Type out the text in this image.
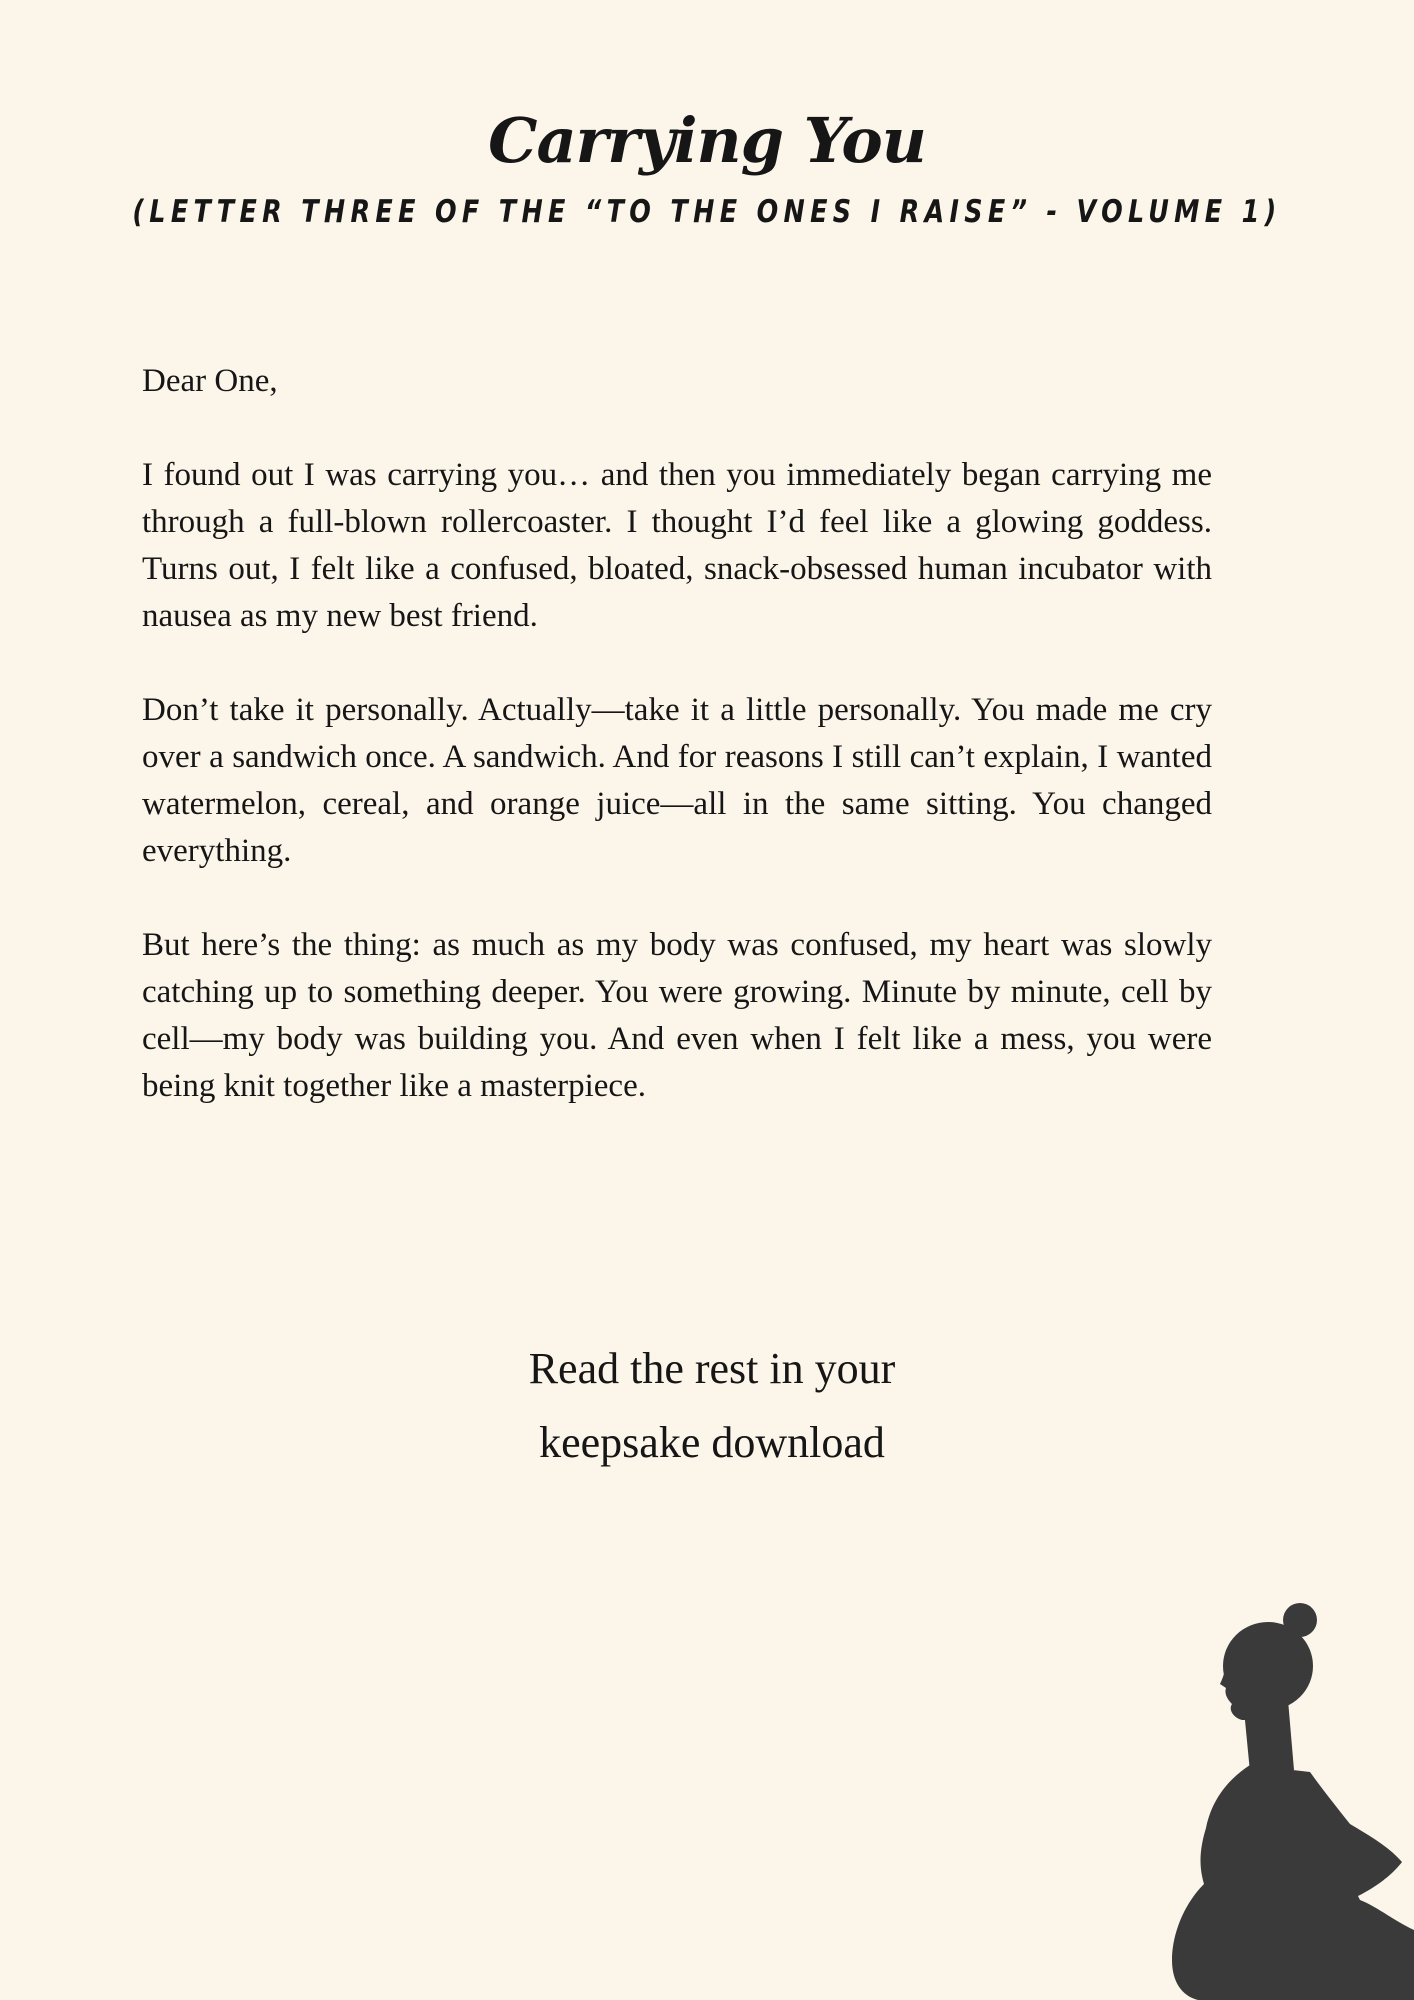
Carrying You
(LETTER THREE OF THE “TO THE ONES I RAISE” - VOLUME 1)

Dear One,

I found out I was carrying you… and then you immediately began carrying me through a full-blown rollercoaster. I thought I’d feel like a glowing goddess. Turns out, I felt like a confused, bloated, snack-obsessed human incubator with nausea as my new best friend.

Don’t take it personally. Actually—take it a little personally. You made me cry over a sandwich once. A sandwich. And for reasons I still can’t explain, I wanted watermelon, cereal, and orange juice—all in the same sitting. You changed everything.

But here’s the thing: as much as my body was confused, my heart was slowly catching up to something deeper. You were growing. Minute by minute, cell by cell—my body was building you. And even when I felt like a mess, you were being knit together like a masterpiece.

Read the rest in your
keepsake download
